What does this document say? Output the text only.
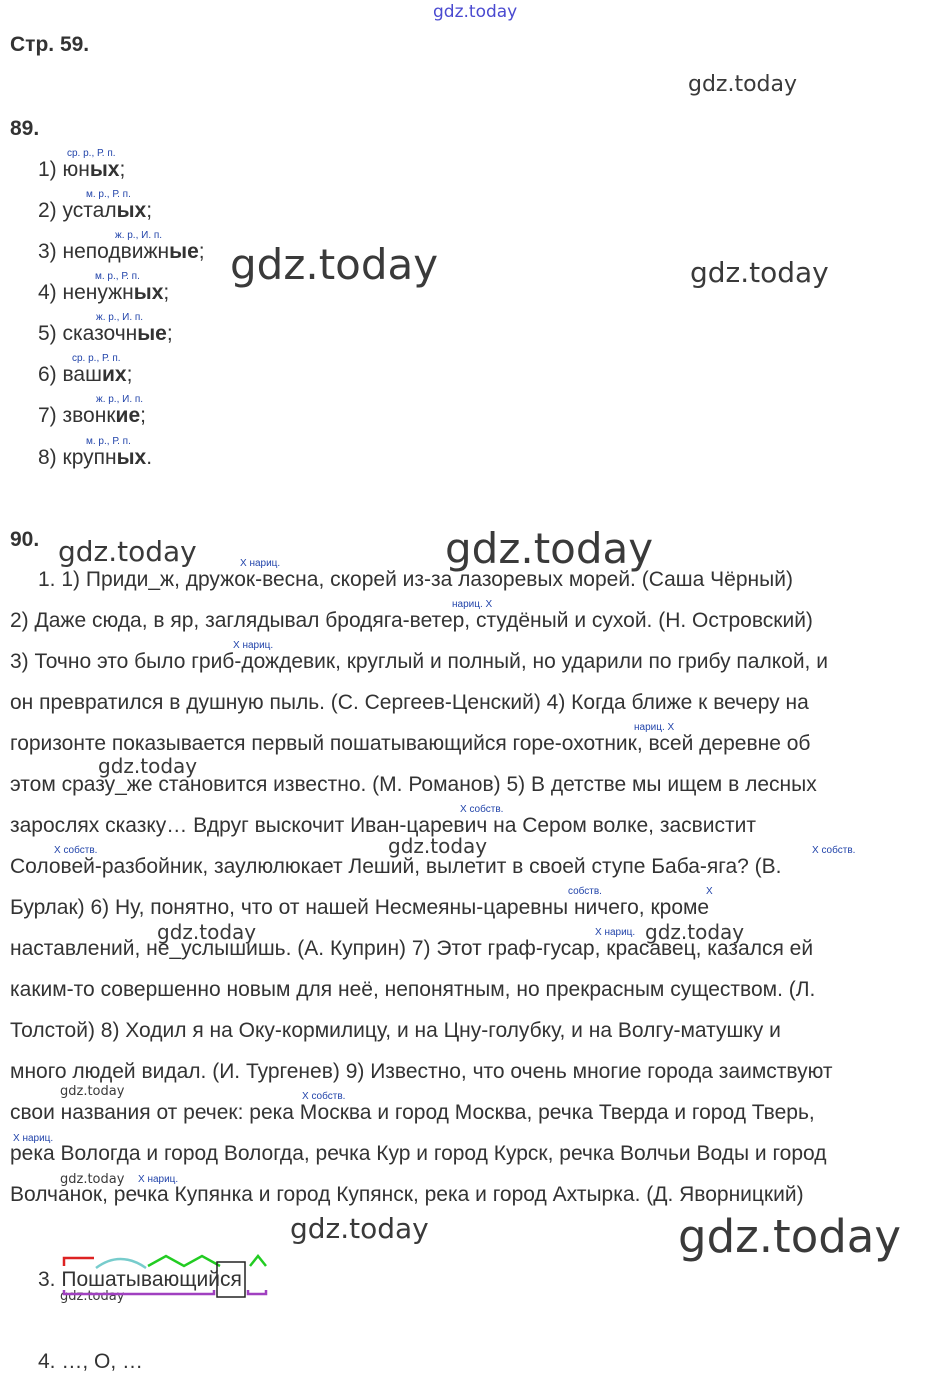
gdz.today
gdz.today
gdz.today	gdz.today
gdz.today	gdz.today
gdz.today
gdz.today
gdz.today	gdz.today
gdz.today
gdz.today
gdz.today	gdz.today
gdz.today
Стр. 59.
89.
ср. р., Р. п.
1) юных;
м. р., Р. п.
2) усталых;
ж. р., И. п.
3) неподвижные;
м. р., Р. п.
4) ненужных;
ж. р., И. п.
5) сказочные;
ср. р., Р. п.
6) ваших;
ж. р., И. п.
7) звонкие;
м. р., Р. п.
8) крупных.
90.
X нариц.
нариц. X
X нариц.
нариц. X
X собств.
X собств.	X собств.
собств.	X
X нариц.
X собств.
X нариц.
X нариц.
1. 1) Приди_ж, дружок-весна, скорей из-за лазоревых морей. (Саша Чёрный)
2) Даже сюда, в яр, заглядывал бродяга-ветер, студёный и сухой. (Н. Островский)
3) Точно это было гриб-дождевик, круглый и полный, но ударили по грибу палкой, и
он превратился в душную пыль. (С. Сергеев-Ценский) 4) Когда ближе к вечеру на
горизонте показывается первый пошатывающийся горе-охотник, всей деревне об
этом сразу_же становится известно. (М. Романов) 5) В детстве мы ищем в лесных
зарослях сказку… Вдруг выскочит Иван-царевич на Сером волке, засвистит
Соловей-разбойник, заулюлюкает Леший, вылетит в своей ступе Баба-яга? (В.
Бурлак) 6) Ну, понятно, что от нашей Несмеяны-царевны ничего, кроме
наставлений, не_услышишь. (А. Куприн) 7) Этот граф-гусар, красавец, казался ей
каким-то совершенно новым для неё, непонятным, но прекрасным существом. (Л.
Толстой) 8) Ходил я на Оку-кормилицу, и на Цну-голубку, и на Волгу-матушку и
много людей видал. (И. Тургенев) 9) Известно, что очень многие города заимствуют
свои названия от речек: река Москва и город Москва, речка Тверда и город Тверь,
река Вологда и город Вологда, речка Кур и город Курск, речка Волчьи Воды и город
Волчанок, речка Купянка и город Купянск, река и город Ахтырка. (Д. Яворницкий)
3. Пошатывающийся
4. …, О, …
